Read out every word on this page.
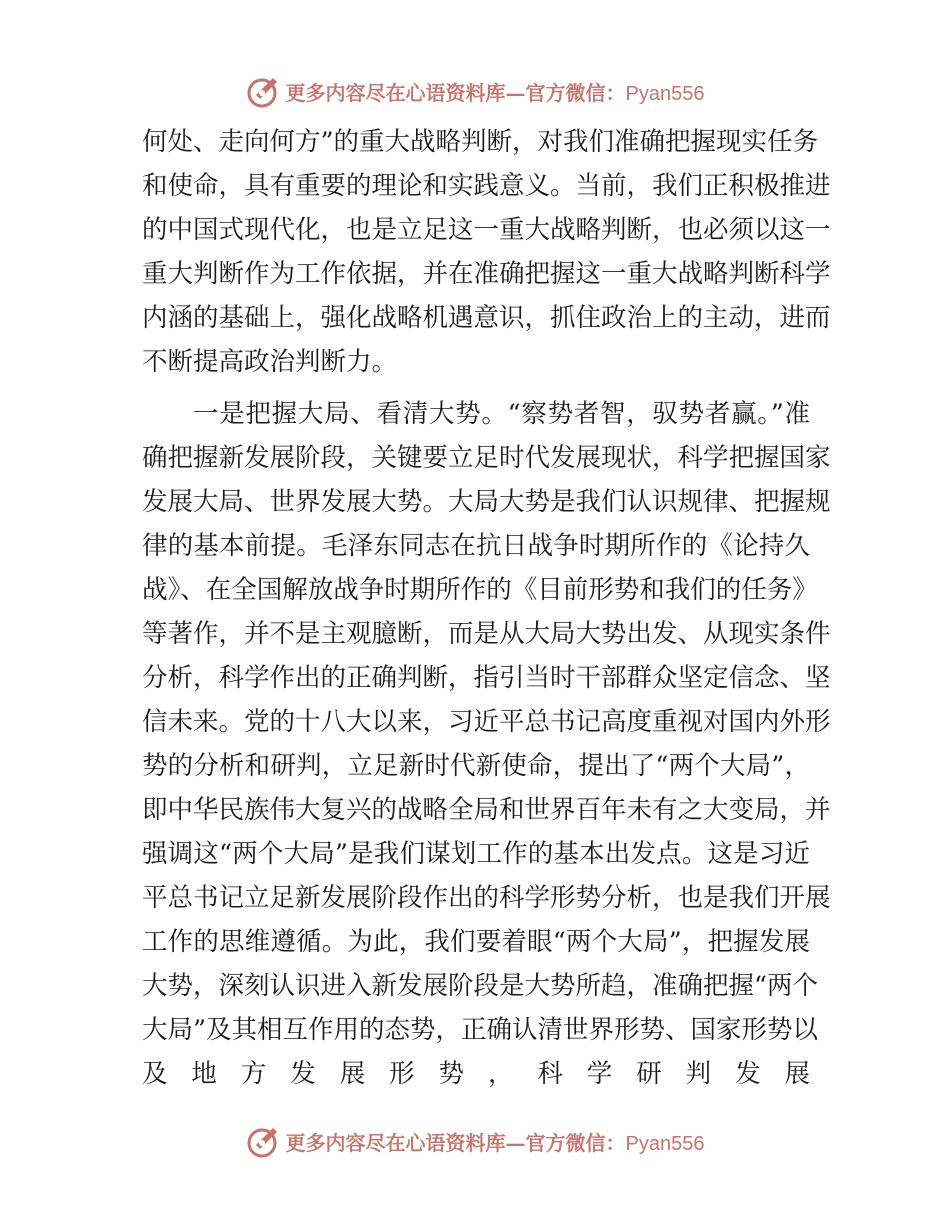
更多内容尽在心语资料库—官方微信：Pyan556
何处、走向何方”的重大战略判断，对我们准确把握现实任务
和使命，具有重要的理论和实践意义。当前，我们正积极推进
的中国式现代化，也是立足这一重大战略判断，也必须以这一
重大判断作为工作依据，并在准确把握这一重大战略判断科学
内涵的基础上，强化战略机遇意识，抓住政治上的主动，进而
不断提高政治判断力。
一是把握大局、看清大势。“察势者智，驭势者赢。”准
确把握新发展阶段，关键要立足时代发展现状，科学把握国家
发展大局、世界发展大势。大局大势是我们认识规律、把握规
律的基本前提。毛泽东同志在抗日战争时期所作的《论持久
战》、在全国解放战争时期所作的《目前形势和我们的任务》
等著作，并不是主观臆断，而是从大局大势出发、从现实条件
分析，科学作出的正确判断，指引当时干部群众坚定信念、坚
信未来。党的十八大以来，习近平总书记高度重视对国内外形
势的分析和研判，立足新时代新使命，提出了“两个大局”，
即中华民族伟大复兴的战略全局和世界百年未有之大变局，并
强调这“两个大局”是我们谋划工作的基本出发点。这是习近
平总书记立足新发展阶段作出的科学形势分析，也是我们开展
工作的思维遵循。为此，我们要着眼“两个大局”，把握发展
大势，深刻认识进入新发展阶段是大势所趋，准确把握“两个
大局”及其相互作用的态势，正确认清世界形势、国家形势以
及地方发展形势，科学研判发展
更多内容尽在心语资料库—官方微信：Pyan556
